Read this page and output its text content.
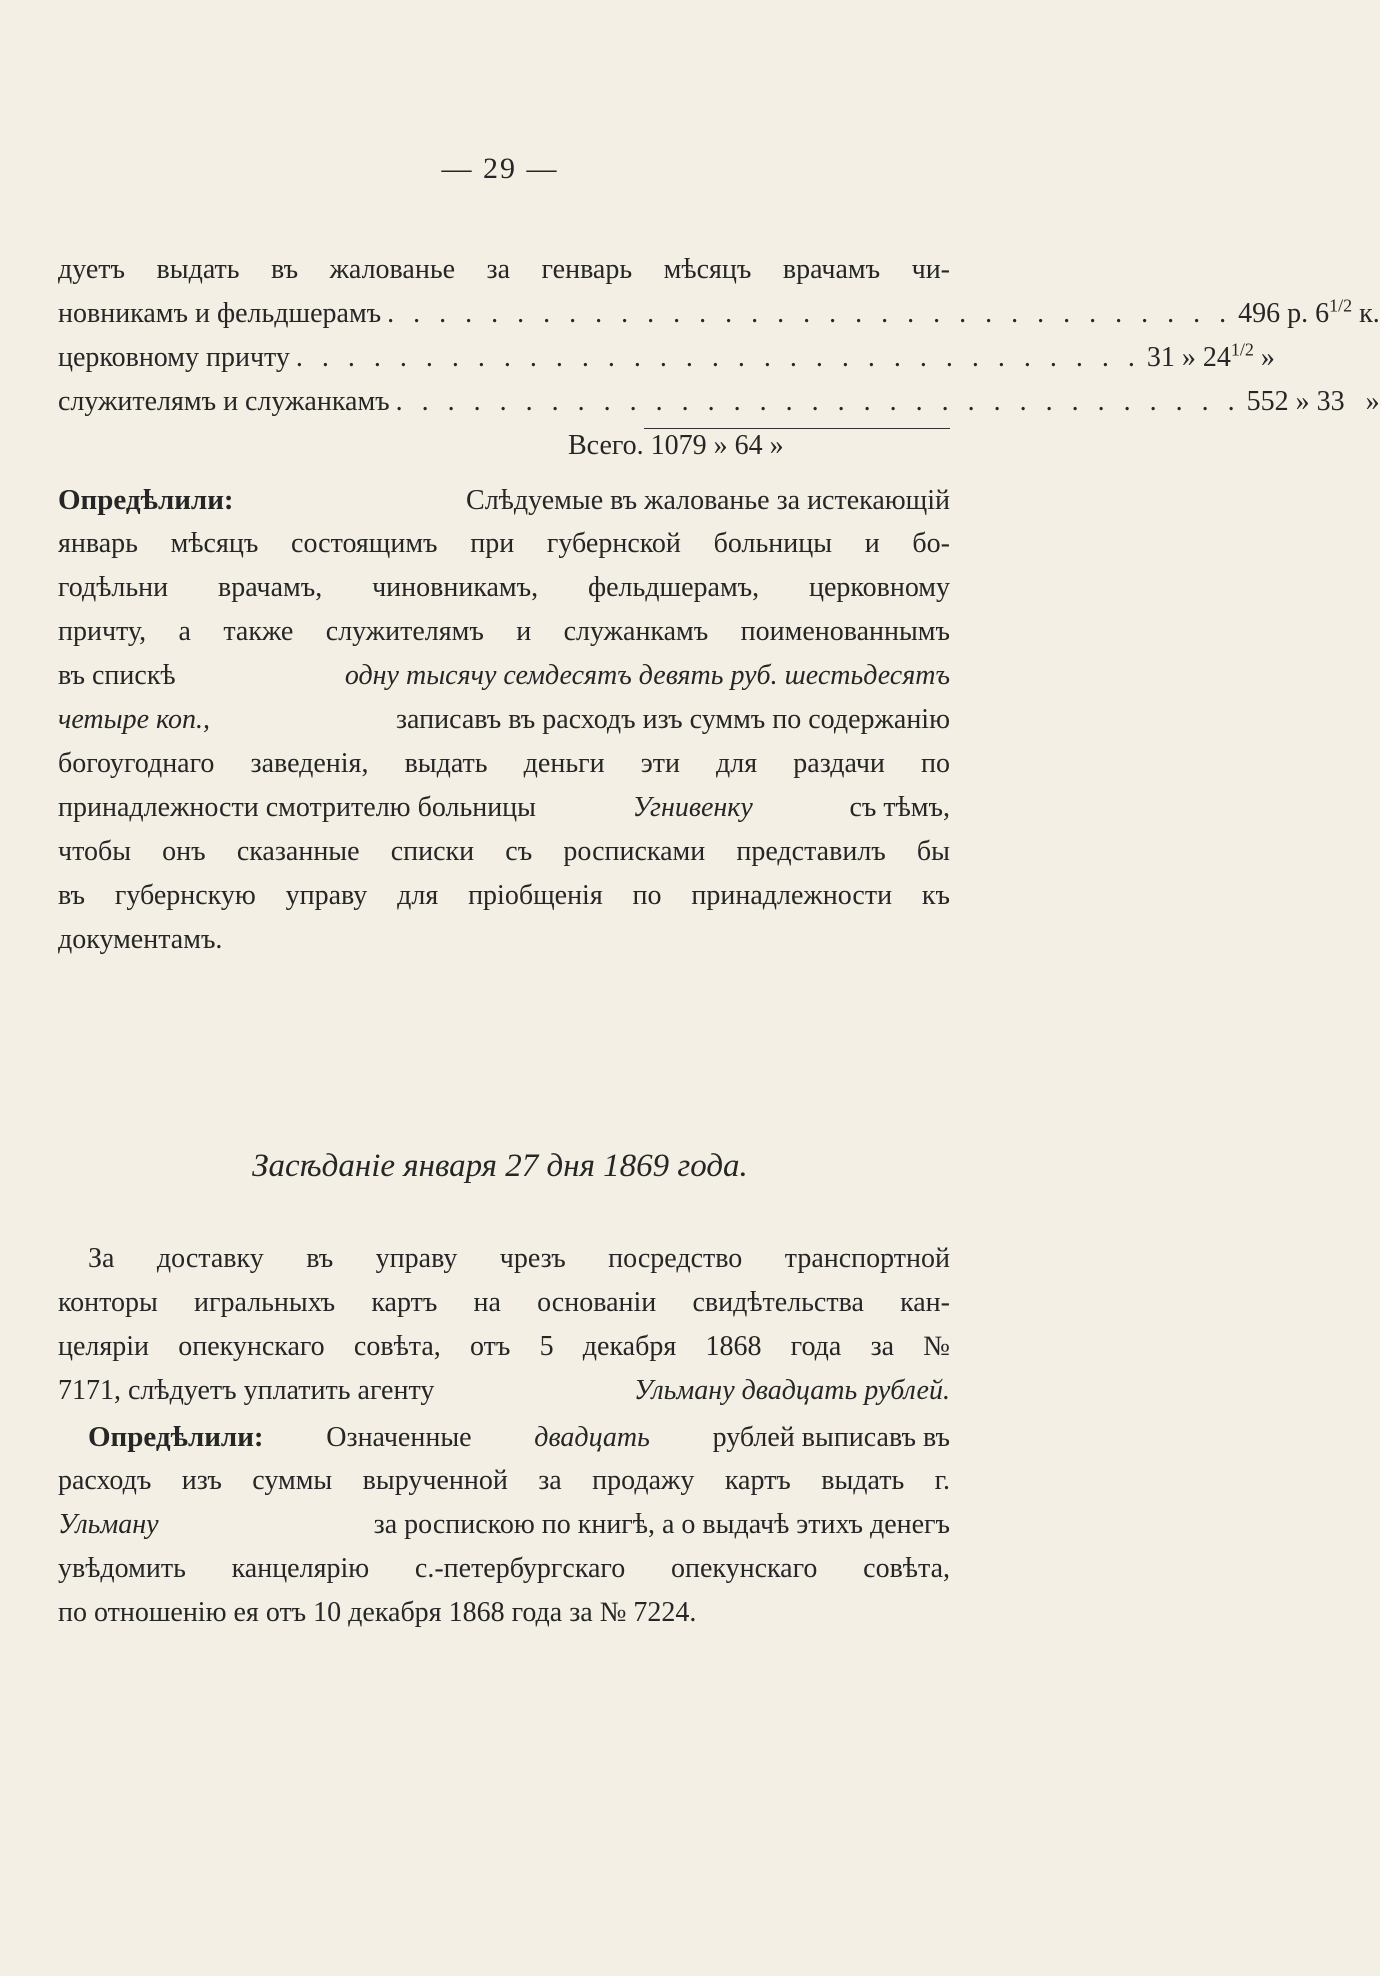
— 29 —
дуетъ выдать въ жалованье за генварь мѣсяцъ врачамъ чи-
новникамъ и фельдшерамъ . . . . . . . . . . . . . . . . . . . . . . . . . . . . . . . . . 496 р. $6^{1/2}$ к.
церковному причту . . . . . . . . . . . . . . . . . . . . . . . . . . . . . . . . . 31 » $24^{1/2}$ »
служителямъ и служанкамъ . . . . . . . . . . . . . . . . . . . . . . . . . . . . . . . . . 552 » 33 »
Всего. 1079 » 64 »
Опредѣлили:	Слѣдуемые въ жалованье за истекающій
январь мѣсяцъ состоящимъ при губернской больницы и бо-
годѣльни врачамъ, чиновникамъ, фельдшерамъ, церковному
причту, а также служителямъ и служанкамъ поименованнымъ
въ спискѣ	одну тысячу семдесятъ девять руб. шестьдесятъ
четыре коп.,	записавъ въ расходъ изъ суммъ по содержанію
богоугоднаго заведенія, выдать деньги эти для раздачи по
принадлежности смотрителю больницы	Угнивенку	съ тѣмъ,
чтобы онъ сказанные списки съ росписками представилъ бы
въ губернскую управу для пріобщенія по принадлежности къ
документамъ.
Засѣданіе января 27 дня 1869 года.
За доставку въ управу чрезъ посредство транспортной
конторы игральныхъ картъ на основаніи свидѣтельства кан-
целяріи опекунскаго совѣта, отъ 5 декабря 1868 года за №
7171, слѣдуетъ уплатить агенту	Ульману двадцать рублей.
Опредѣлили: Означенные двадцать рублей выписавъ въ
расходъ изъ суммы вырученной за продажу картъ выдать г.
Ульману	за роспискою по книгѣ, а о выдачѣ этихъ денегъ
увѣдомить канцелярію с.-петербургскаго опекунскаго совѣта,
по отношенію ея отъ 10 декабря 1868 года за № 7224.
